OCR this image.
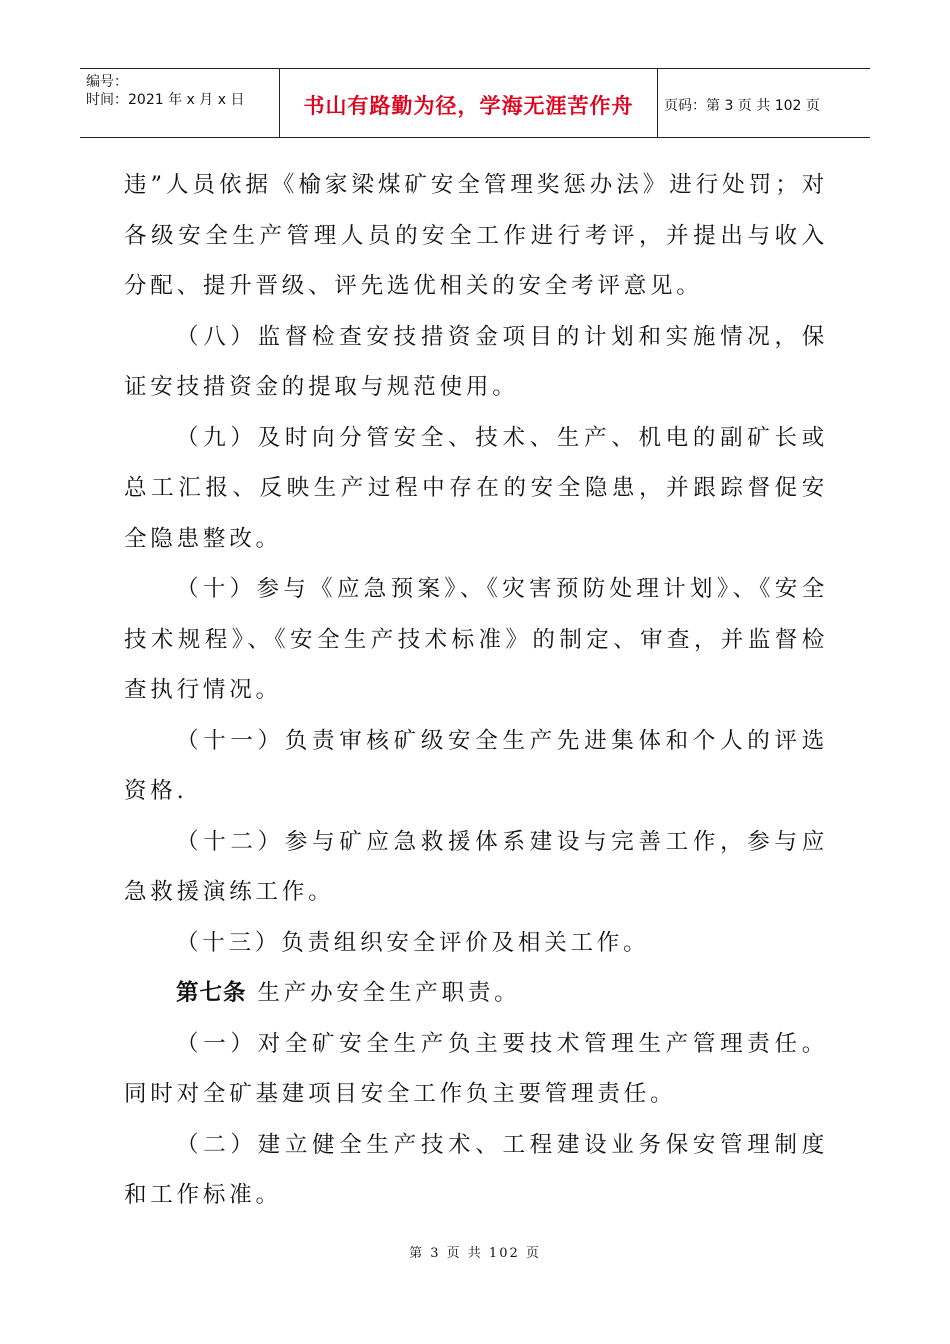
编号：
时间：2021 年 x 月 x 日	书山有路勤为径，学海无涯苦作舟	页码：第 3 页 共 102 页

违”人员依据《榆家梁煤矿安全管理奖惩办法》进行处罚；对各级安全生产管理人员的安全工作进行考评，并提出与收入分配、提升晋级、评先选优相关的安全考评意见。

（八）监督检查安技措资金项目的计划和实施情况，保证安技措资金的提取与规范使用。

（九）及时向分管安全、技术、生产、机电的副矿长或总工汇报、反映生产过程中存在的安全隐患，并跟踪督促安全隐患整改。

（十）参与《应急预案》、《灾害预防处理计划》、《安全技术规程》、《安全生产技术标准》的制定、审查，并监督检查执行情况。

（十一）负责审核矿级安全生产先进集体和个人的评选资格.

（十二）参与矿应急救援体系建设与完善工作，参与应急救援演练工作。

（十三）负责组织安全评价及相关工作。

第七条 生产办安全生产职责。

（一）对全矿安全生产负主要技术管理生产管理责任。同时对全矿基建项目安全工作负主要管理责任。

（二）建立健全生产技术、工程建设业务保安管理制度和工作标准。

第 3 页 共 102 页
